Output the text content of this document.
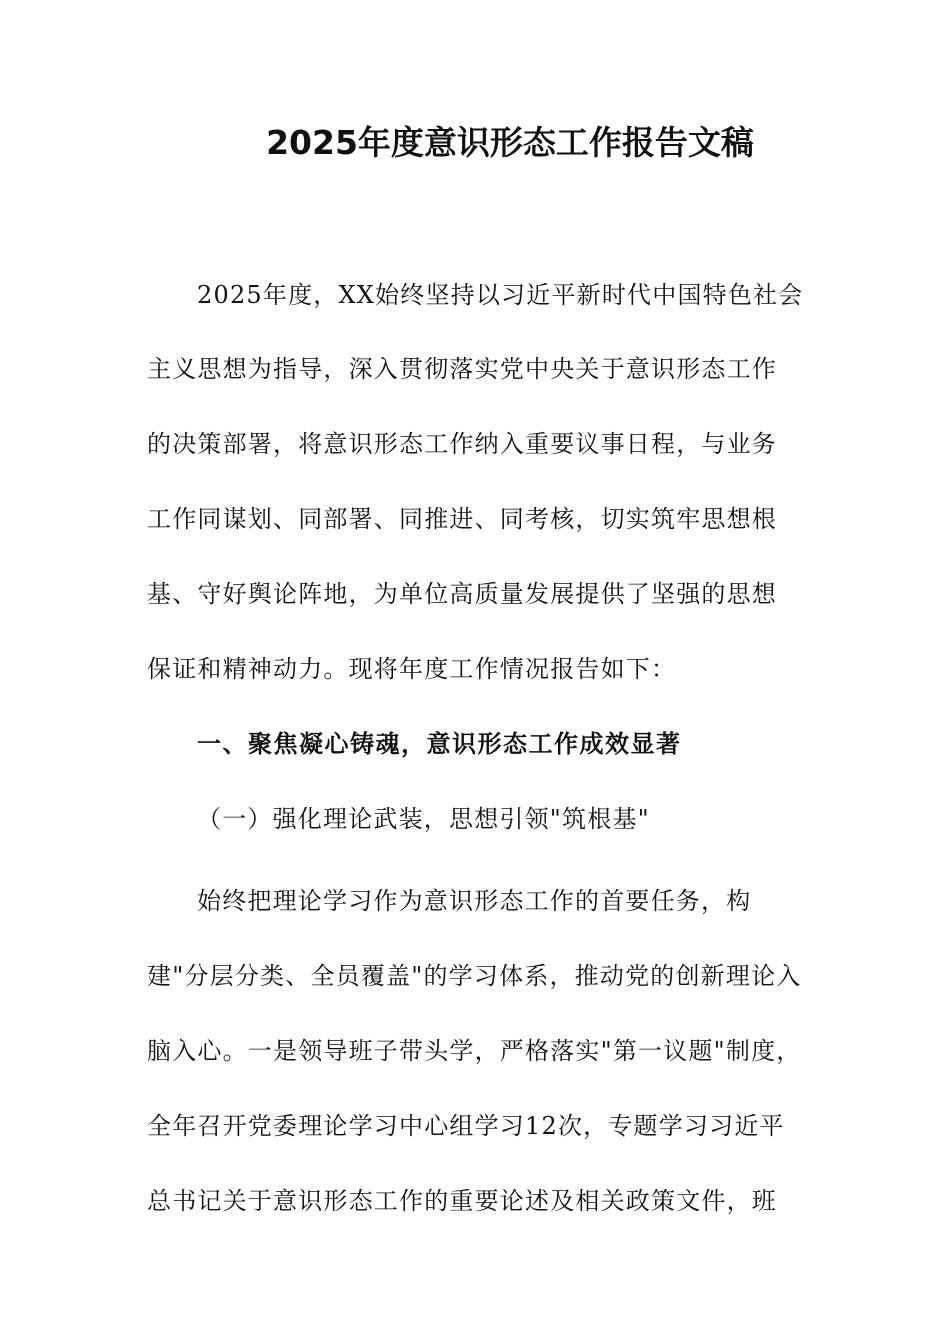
2025年度意识形态工作报告文稿
2025年度，XX始终坚持以习近平新时代中国特色社会
主义思想为指导，深入贯彻落实党中央关于意识形态工作
的决策部署，将意识形态工作纳入重要议事日程，与业务
工作同谋划、同部署、同推进、同考核，切实筑牢思想根
基、守好舆论阵地，为单位高质量发展提供了坚强的思想
保证和精神动力。现将年度工作情况报告如下：
一、聚焦凝心铸魂，意识形态工作成效显著
（一）强化理论武装，思想引领"筑根基"
始终把理论学习作为意识形态工作的首要任务，构
建"分层分类、全员覆盖"的学习体系，推动党的创新理论入
脑入心。一是领导班子带头学，严格落实"第一议题"制度，
全年召开党委理论学习中心组学习12次，专题学习习近平
总书记关于意识形态工作的重要论述及相关政策文件，班
